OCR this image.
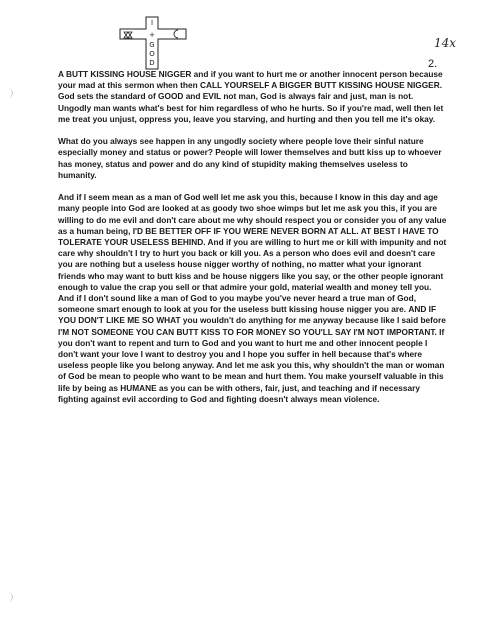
I
+
G
O
D
14x
2.

A BUTT KISSING HOUSE NIGGER and if you want to hurt me or another innocent person because your mad at this sermon when then CALL YOURSELF A BIGGER BUTT KISSING HOUSE NIGGER. God sets the standard of GOOD and EVIL not man, God is always fair and just, man is not. Ungodly man wants what's best for him regardless of who he hurts. So if you're mad, well then let me treat you unjust, oppress you, leave you starving, and hurting and then you tell me it's okay.

What do you always see happen in any ungodly society where people love their sinful nature especially money and status or power? People will lower themselves and butt kiss up to whoever has money, status and power and do any kind of stupidity making themselves useless to humanity.

And if I seem mean as a man of God well let me ask you this, because I know in this day and age many people into God are looked at as goody two shoe wimps but let me ask you this, if you are willing to do me evil and don't care about me why should respect you or consider you of any value as a human being, I'D BE BETTER OFF IF YOU WERE NEVER BORN AT ALL. AT BEST I HAVE TO TOLERATE YOUR USELESS BEHIND. And if you are willing to hurt me or kill with impunity and not care why shouldn't I try to hurt you back or kill you. As a person who does evil and doesn't care you are nothing but a useless house nigger worthy of nothing, no matter what your ignorant friends who may want to butt kiss and be house niggers like you say, or the other people ignorant enough to value the crap you sell or that admire your gold, material wealth and money tell you. And if I don't sound like a man of God to you maybe you've never heard a true man of God, someone smart enough to look at you for the useless butt kissing house nigger you are. AND IF YOU DON'T LIKE ME SO WHAT you wouldn't do anything for me anyway because like I said before I'M NOT SOMEONE YOU CAN BUTT KISS TO FOR MONEY SO YOU'LL SAY I'M NOT IMPORTANT. If you don't want to repent and turn to God and you want to hurt me and other innocent people I don't want your love I want to destroy you and I hope you suffer in hell because that's where useless people like you belong anyway. And let me ask you this, why shouldn't the man or woman of God be mean to people who want to be mean and hurt them. You make yourself valuable in this life by being as HUMANE as you can be with others, fair, just, and teaching and if necessary fighting against evil according to God and fighting doesn't always mean violence.
